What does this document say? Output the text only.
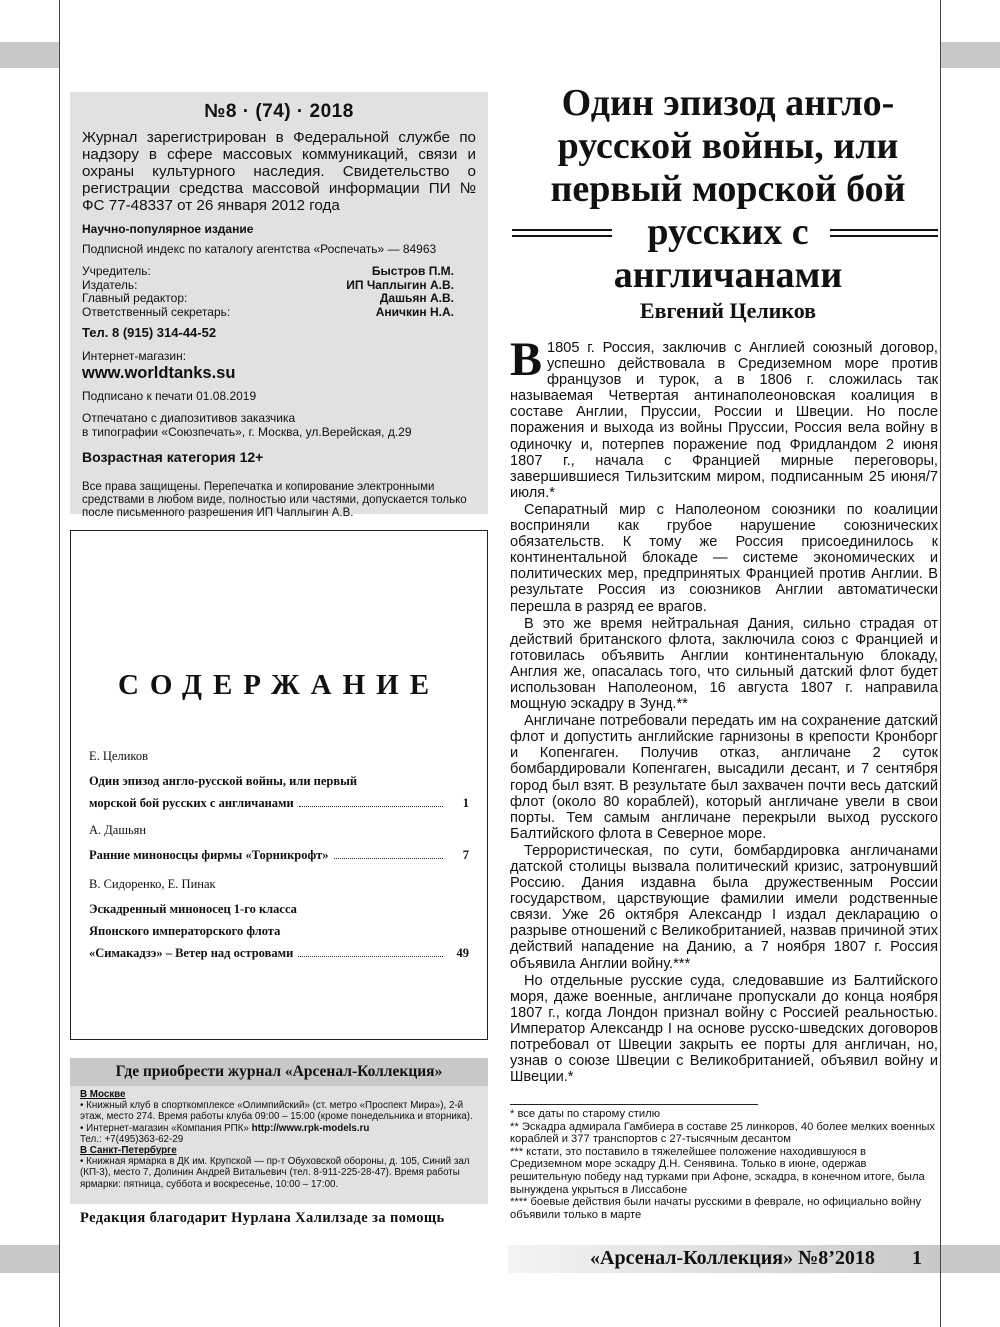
№8 · (74) · 2018
Журнал зарегистрирован в Федеральной службе по надзору в сфере массовых коммуникаций, связи и охраны культурного наследия. Свидетельство о регистрации средства массовой информации ПИ № ФС 77-48337 от 26 января 2012 года
Научно-популярное издание
Подписной индекс по каталогу агентства «Роспечать» — 84963
Учредитель:	Быстров П.М.
Издатель:	ИП Чаплыгин А.В.
Главный редактор:	Дашьян А.В.
Ответственный секретарь:	Аничкин Н.А.
Тел. 8 (915) 314-44-52
Интернет-магазин:
www.worldtanks.su
Подписано к печати 01.08.2019
Отпечатано с диапозитивов заказчика
в типографии «Союзпечать», г. Москва, ул.Верейская, д.29
Возрастная категория 12+
Все права защищены. Перепечатка и копирование электронными средствами в любом виде, полностью или частями, допускается только после письменного разрешения ИП Чаплыгин А.В.
СОДЕРЖАНИЕ
Е. Целиков
Один эпизод англо-русской войны, или первый
морской бой русских с англичанами	1
А. Дашьян
Ранние миноносцы фирмы «Торникрофт»	7
В. Сидоренко, Е. Пинак
Эскадренный миноносец 1-го класса
Японского императорского флота
«Симакадзэ» – Ветер над островами	49
Где приобрести журнал «Арсенал-Коллекция»
В Москве
• Книжный клуб в спорткомплексе «Олимпийский» (ст. метро «Проспект Мира»), 2-й этаж, место 274. Время работы клуба 09:00 – 15:00 (кроме понедельника и вторника).
• Интернет-магазин «Компания РПК» http://www.rpk-models.ru
Тел.: +7(495)363-62-29
В Санкт-Петербурге
• Книжная ярмарка в ДК им. Крупской — пр-т Обуховской обороны, д. 105, Синий зал (КП-3), место 7, Долинин Андрей Витальевич (тел. 8-911-225-28-47). Время работы ярмарки: пятница, суббота и воскресенье, 10:00 – 17:00.
Редакция благодарит Нурлана Халилзаде за помощь
Один эпизод англо-
русской войны, или
первый морской бой
русских с
англичанами
Евгений Целиков

В 1805 г. Россия, заключив с Англией союзный договор, успешно действовала в Средиземном море против французов и турок, а в 1806 г. сложилась так называемая Четвертая антинаполеоновская коалиция в составе Англии, Пруссии, России и Швеции. Но после поражения и выхода из войны Пруссии, Россия вела войну в одиночку и, потерпев поражение под Фридландом 2 июня 1807 г., начала с Францией мирные переговоры, завершившиеся Тильзитским миром, подписанным 25 июня/7 июля.*

Сепаратный мир с Наполеоном союзники по коалиции восприняли как грубое нарушение союзнических обязательств. К тому же Россия присоединилось к континентальной блокаде — системе экономических и политических мер, предпринятых Францией против Англии. В результате Россия из союзников Англии автоматически перешла в разряд ее врагов.

В это же время нейтральная Дания, сильно страдая от действий британского флота, заключила союз с Францией и готовилась объявить Англии континентальную блокаду, Англия же, опасалась того, что сильный датский флот будет использован Наполеоном, 16 августа 1807 г. направила мощную эскадру в Зунд.**

Англичане потребовали передать им на сохранение датский флот и допустить английские гарнизоны в крепости Кронборг и Копенгаген. Получив отказ, англичане 2 суток бомбардировали Копенгаген, высадили десант, и 7 сентября город был взят. В результате был захвачен почти весь датский флот (около 80 кораблей), который англичане увели в свои порты. Тем самым англичане перекрыли выход русского Балтийского флота в Северное море.

Террористическая, по сути, бомбардировка англичанами датской столицы вызвала политический кризис, затронувший Россию. Дания издавна была дружественным России государством, царствующие фамилии имели родственные связи. Уже 26 октября Александр I издал декларацию о разрыве отношений с Великобританией, назвав причиной этих действий нападение на Данию, а 7 ноября 1807 г. Россия объявила Англии войну.***

Но отдельные русские суда, следовавшие из Балтийского моря, даже военные, англичане пропускали до конца ноября 1807 г., когда Лондон признал войну с Россией реальностью. Император Александр I на основе русско-шведских договоров потребовал от Швеции закрыть ее порты для англичан, но, узнав о союзе Швеции с Великобританией, объявил войну и Швеции.*

* все даты по старому стилю

** Эскадра адмирала Гамбиера в составе 25 линкоров, 40 более мелких военных кораблей и 377 транспортов с 27-тысячным десантом

*** кстати, это поставило в тяжелейшее положение находившуюся в Средиземном море эскадру Д.Н. Сенявина. Только в июне, одержав решительную победу над турками при Афоне, эскадра, в конечном итоге, была вынуждена укрыться в Лиссабоне

**** боевые действия были начаты русскими в феврале, но официально войну объявили только в марте

«Арсенал-Коллекция» №8’2018 1
